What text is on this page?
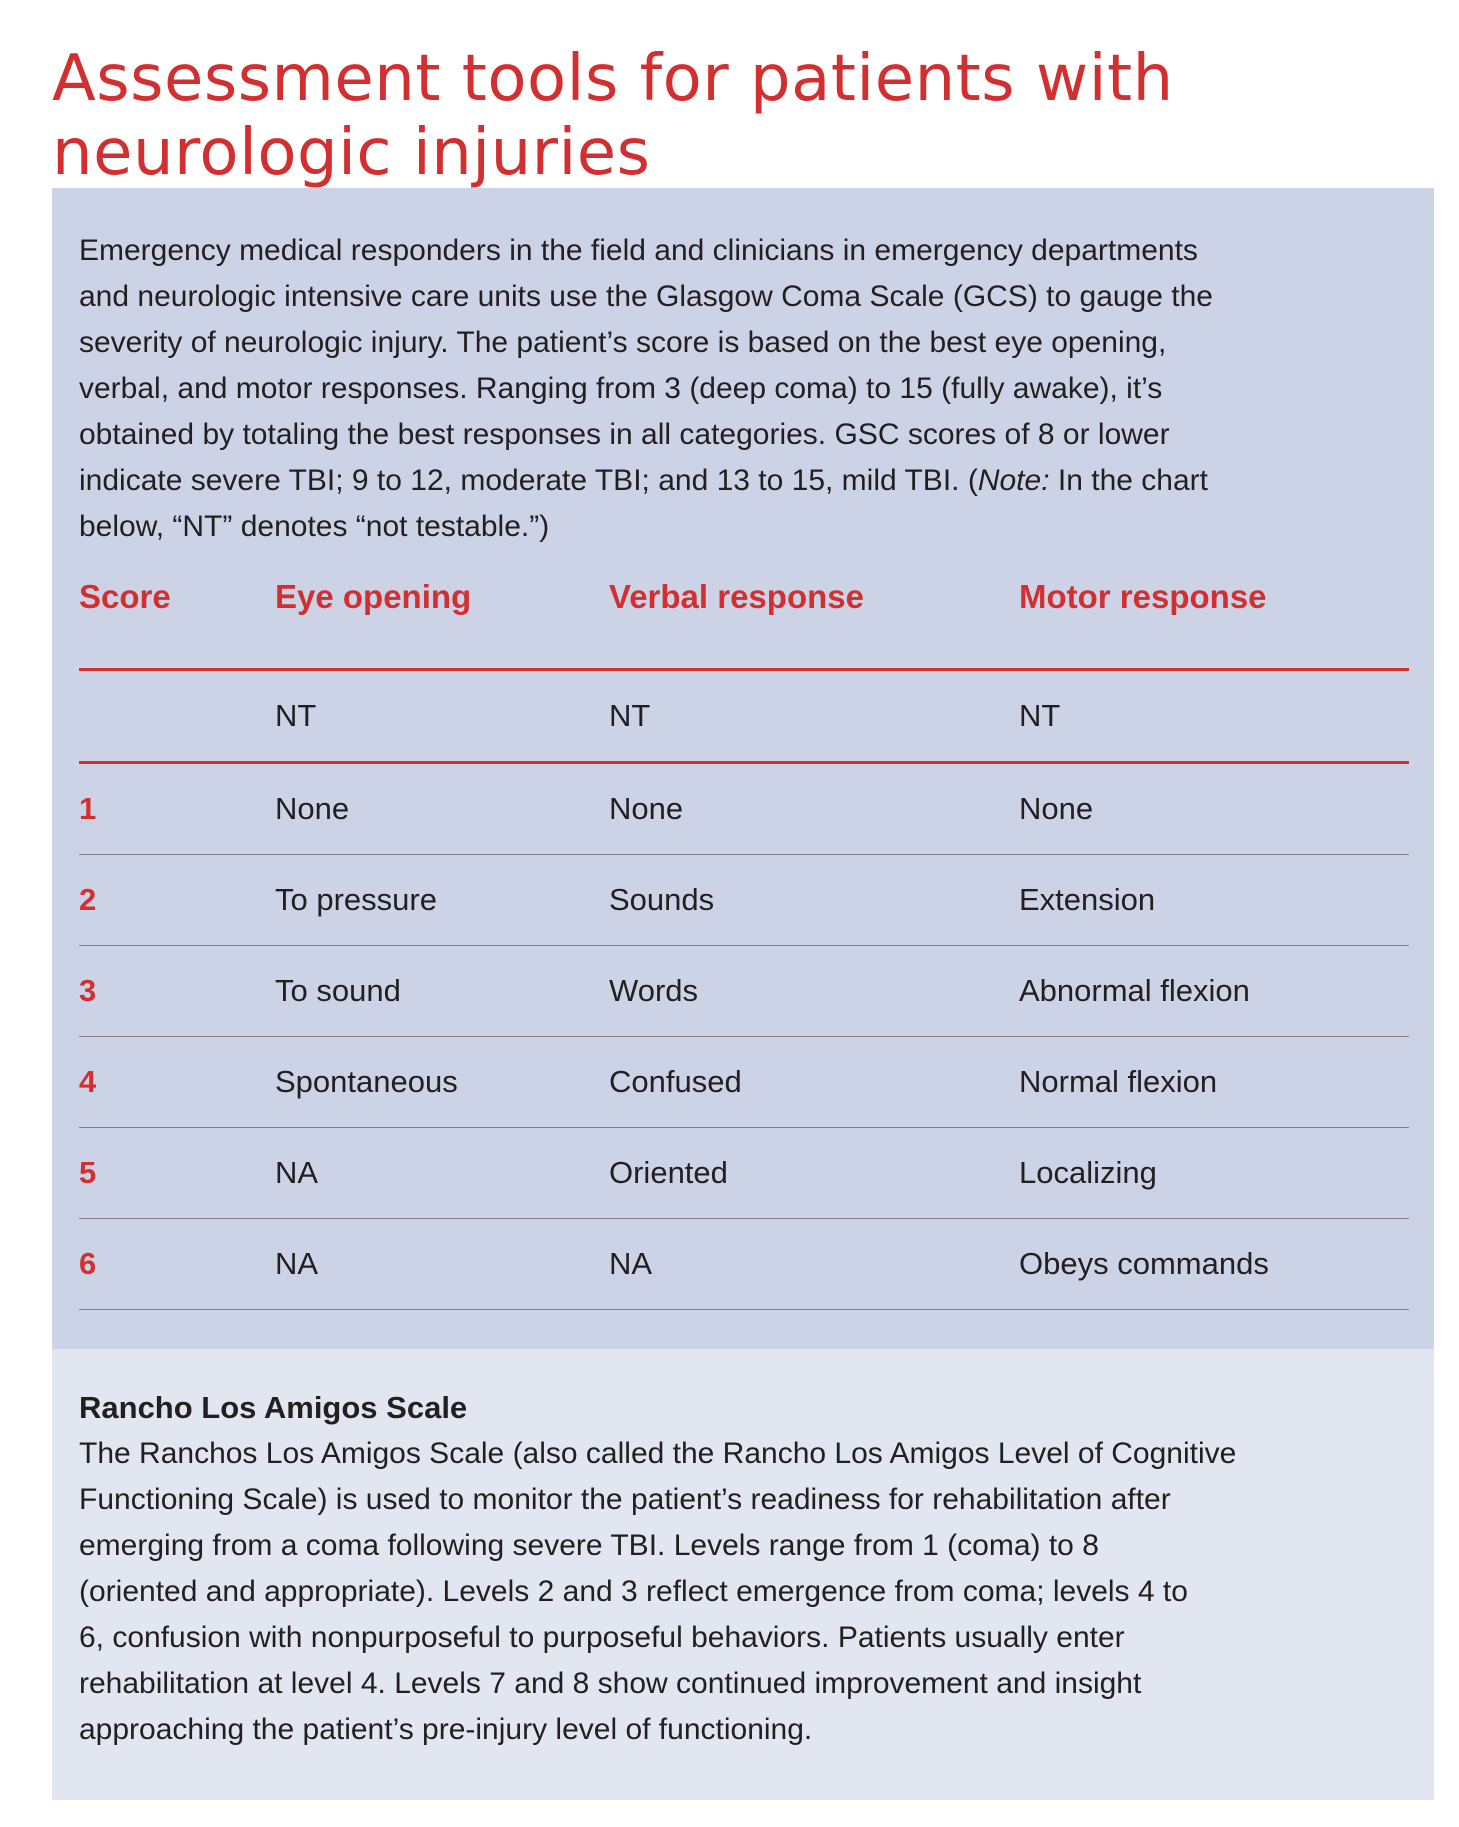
Assessment tools for patients with
neurologic injuries

Emergency medical responders in the field and clinicians in emergency departments
and neurologic intensive care units use the Glasgow Coma Scale (GCS) to gauge the
severity of neurologic injury. The patient’s score is based on the best eye opening,
verbal, and motor responses. Ranging from 3 (deep coma) to 15 (fully awake), it’s
obtained by totaling the best responses in all categories. GSC scores of 8 or lower
indicate severe TBI; 9 to 12, moderate TBI; and 13 to 15, mild TBI. (Note: In the chart
below, “NT” denotes “not testable.”)

Score	Eye opening	Verbal response	Motor response
	NT	NT	NT
1	None	None	None
2	To pressure	Sounds	Extension
3	To sound	Words	Abnormal flexion
4	Spontaneous	Confused	Normal flexion
5	NA	Oriented	Localizing
6	NA	NA	Obeys commands
Rancho Los Amigos Scale

The Ranchos Los Amigos Scale (also called the Rancho Los Amigos Level of Cognitive
Functioning Scale) is used to monitor the patient’s readiness for rehabilitation after
emerging from a coma following severe TBI. Levels range from 1 (coma) to 8
(oriented and appropriate). Levels 2 and 3 reflect emergence from coma; levels 4 to
6, confusion with nonpurposeful to purposeful behaviors. Patients usually enter
rehabilitation at level 4. Levels 7 and 8 show continued improvement and insight
approaching the patient’s pre-injury level of functioning.
